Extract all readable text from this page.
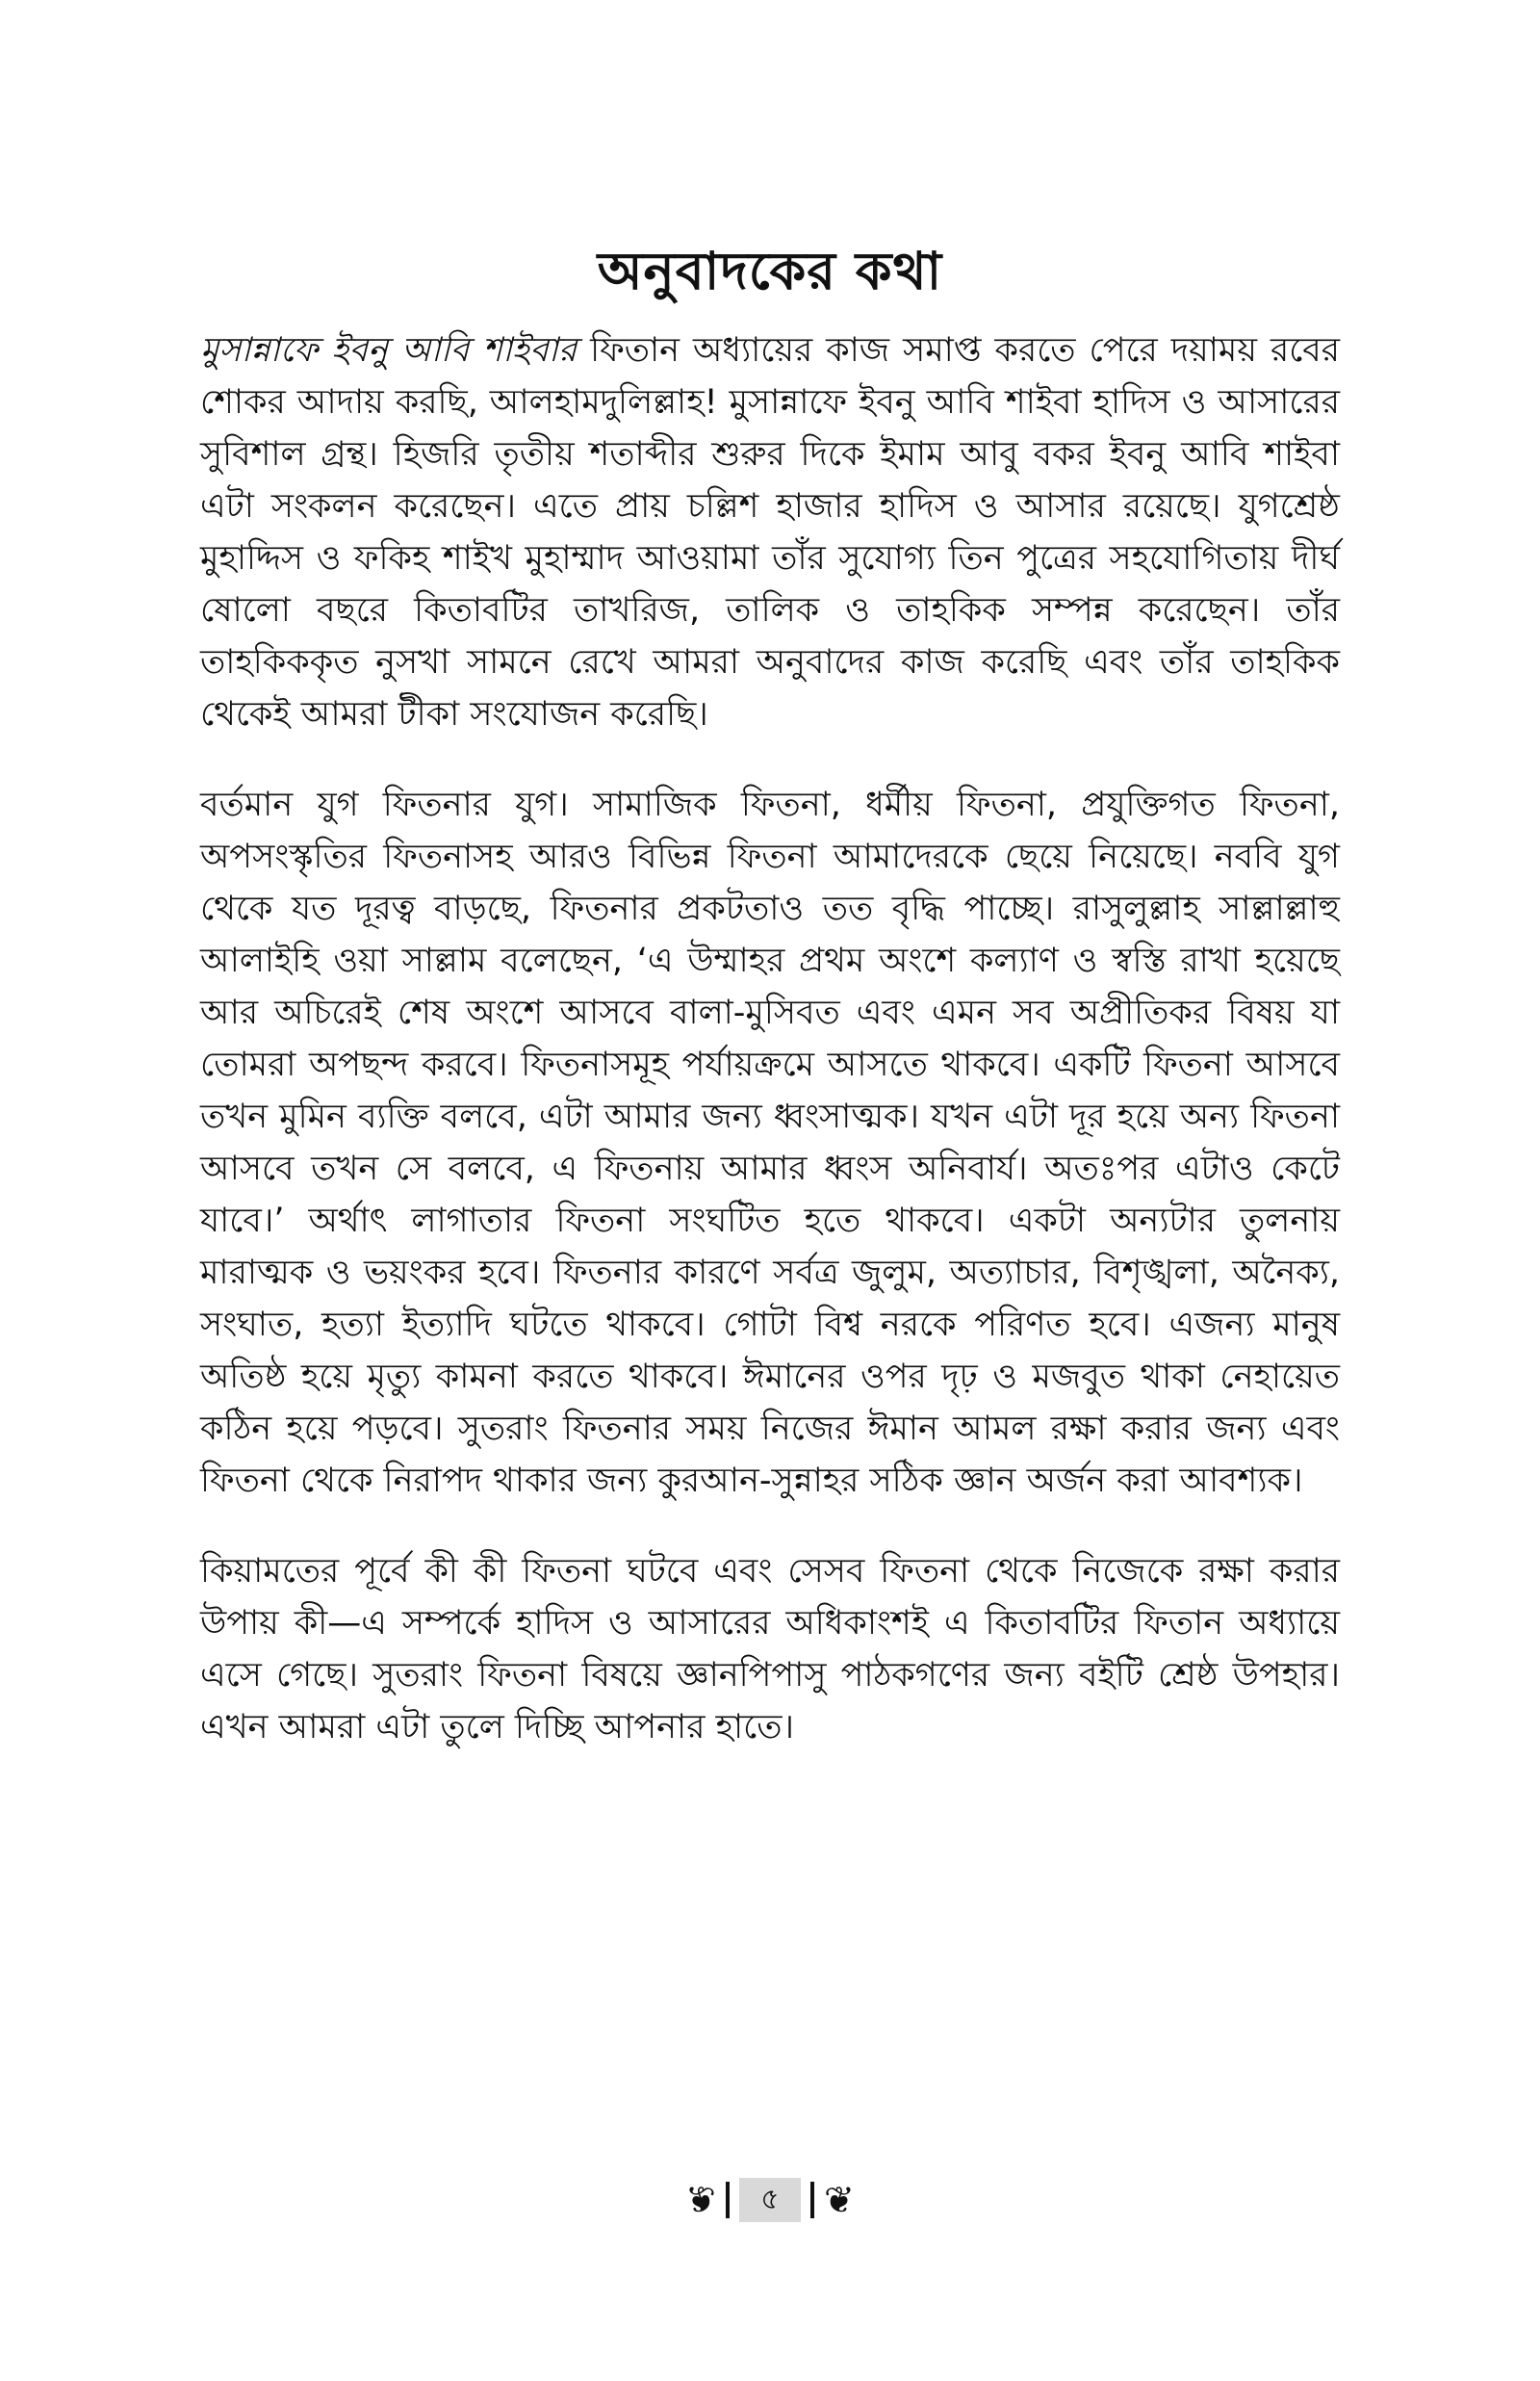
অনুবাদকের কথা

মুসান্নাফে ইবনু আবি শাইবার ফিতান অধ্যায়ের কাজ সমাপ্ত করতে পেরে দয়াময় রবের শোকর আদায় করছি, আলহামদুলিল্লাহ! মুসান্নাফে ইবনু আবি শাইবা হাদিস ও আসারের সুবিশাল গ্রন্থ। হিজরি তৃতীয় শতাব্দীর শুরুর দিকে ইমাম আবু বকর ইবনু আবি শাইবা এটা সংকলন করেছেন। এতে প্রায় চল্লিশ হাজার হাদিস ও আসার রয়েছে। যুগশ্রেষ্ঠ মুহাদ্দিস ও ফকিহ শাইখ মুহাম্মাদ আওয়ামা তাঁর সুযোগ্য তিন পুত্রের সহযোগিতায় দীর্ঘ ষোলো বছরে কিতাবটির তাখরিজ, তালিক ও তাহকিক সম্পন্ন করেছেন। তাঁর তাহকিককৃত নুসখা সামনে রেখে আমরা অনুবাদের কাজ করেছি এবং তাঁর তাহকিক থেকেই আমরা টীকা সংযোজন করেছি।

বর্তমান যুগ ফিতনার যুগ। সামাজিক ফিতনা, ধর্মীয় ফিতনা, প্রযুক্তিগত ফিতনা, অপসংস্কৃতির ফিতনাসহ আরও বিভিন্ন ফিতনা আমাদেরকে ছেয়ে নিয়েছে। নববি যুগ থেকে যত দূরত্ব বাড়ছে, ফিতনার প্রকটতাও তত বৃদ্ধি পাচ্ছে। রাসুলুল্লাহ সাল্লাল্লাহু আলাইহি ওয়া সাল্লাম বলেছেন, ‘এ উম্মাহর প্রথম অংশে কল্যাণ ও স্বস্তি রাখা হয়েছে আর অচিরেই শেষ অংশে আসবে বালা-মুসিবত এবং এমন সব অপ্রীতিকর বিষয় যা তোমরা অপছন্দ করবে। ফিতনাসমূহ পর্যায়ক্রমে আসতে থাকবে। একটি ফিতনা আসবে তখন মুমিন ব্যক্তি বলবে, এটা আমার জন্য ধ্বংসাত্মক। যখন এটা দূর হয়ে অন্য ফিতনা আসবে তখন সে বলবে, এ ফিতনায় আমার ধ্বংস অনিবার্য। অতঃপর এটাও কেটে যাবে।’ অর্থাৎ লাগাতার ফিতনা সংঘটিত হতে থাকবে। একটা অন্যটার তুলনায় মারাত্মক ও ভয়ংকর হবে। ফিতনার কারণে সর্বত্র জুলুম, অত্যাচার, বিশৃঙ্খলা, অনৈক্য, সংঘাত, হত্যা ইত্যাদি ঘটতে থাকবে। গোটা বিশ্ব নরকে পরিণত হবে। এজন্য মানুষ অতিষ্ঠ হয়ে মৃত্যু কামনা করতে থাকবে। ঈমানের ওপর দৃঢ় ও মজবুত থাকা নেহায়েত কঠিন হয়ে পড়বে। সুতরাং ফিতনার সময় নিজের ঈমান আমল রক্ষা করার জন্য এবং ফিতনা থেকে নিরাপদ থাকার জন্য কুরআন-সুন্নাহর সঠিক জ্ঞান অর্জন করা আবশ্যক।

কিয়ামতের পূর্বে কী কী ফিতনা ঘটবে এবং সেসব ফিতনা থেকে নিজেকে রক্ষা করার উপায় কী—এ সম্পর্কে হাদিস ও আসারের অধিকাংশই এ কিতাবটির ফিতান অধ্যায়ে এসে গেছে। সুতরাং ফিতনা বিষয়ে জ্ঞানপিপাসু পাঠকগণের জন্য বইটি শ্রেষ্ঠ উপহার। এখন আমরা এটা তুলে দিচ্ছি আপনার হাতে।

❦	৫	❦
